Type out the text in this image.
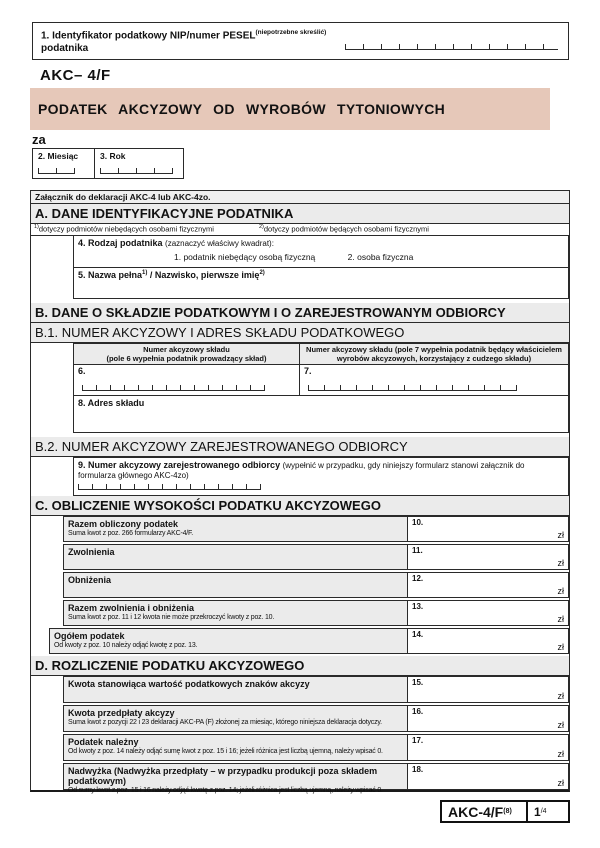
1. Identyfikator podatkowy NIP/numer $PESEL^{(niepotrzebne skreślić)}$ podatnika
AKC– 4/F
PODATEK AKCYZOWY OD WYROBÓW TYTONIOWYCH
za
2. Miesiąc	3. Rok
Załącznik do deklaracji AKC-4 lub AKC-4zo.
A. DANE IDENTYFIKACYJNE PODATNIKA
$^{1)}$dotyczy podmiotów niebędących osobami fizycznymi	$^{2)}$dotyczy podmiotów będących osobami fizycznymi
4. Rodzaj podatnika (zaznaczyć właściwy kwadrat):
1. podatnik niebędący osobą fizyczną	2. osoba fizyczna
5. Nazwa pełna$^{1)}$ / Nazwisko, pierwsze imię$^{2)}$
B. DANE O SKŁADZIE PODATKOWYM I O ZAREJESTROWANYM ODBIORCY
B.1. NUMER AKCYZOWY I ADRES SKŁADU PODATKOWEGO
Numer akcyzowy składu
(pole 6 wypełnia podatnik prowadzący skład)
Numer akcyzowy składu (pole 7 wypełnia podatnik będący właścicielem wyrobów akcyzowych, korzystający z cudzego składu)
6.	7.
8. Adres składu
B.2. NUMER AKCYZOWY ZAREJESTROWANEGO ODBIORCY
9. Numer akcyzowy zarejestrowanego odbiorcy (wypełnić w przypadku, gdy niniejszy formularz stanowi załącznik do formularza głównego AKC-4zo)
C. OBLICZENIE WYSOKOŚCI PODATKU AKCYZOWEGO
Razem obliczony podatek
Suma kwot z poz. 266 formularzy AKC-4/F.
10.
zł
Zwolnienia	11.
zł
Obniżenia	12.
zł
Razem zwolnienia i obniżenia
Suma kwot z poz. 11 i 12 kwota nie może przekroczyć kwoty z poz. 10.
13.
zł
Ogółem podatek
Od kwoty z poz. 10 należy odjąć kwotę z poz. 13.
14.
zł
D. ROZLICZENIE PODATKU AKCYZOWEGO
Kwota stanowiąca wartość podatkowych znaków akcyzy	15.
zł
Kwota przedpłaty akcyzy
Suma kwot z pozycji 22 i 23 deklaracji AKC-PA (F) złożonej za miesiąc, którego niniejsza deklaracja dotyczy.
16.
zł
Podatek należny
Od kwoty z poz. 14 należy odjąć sumę kwot z poz. 15 i 16; jeżeli różnica jest liczbą ujemną, należy wpisać 0.
17.
zł
Nadwyżka (Nadwyżka przedpłaty – w przypadku produkcji poza składem podatkowym)
Od sumy kwot z poz. 15 i 16 należy odjąć kwotę z poz. 14; jeżeli różnica jest liczbą ujemną, należy wpisać 0.
18.
zł
AKC-4/F (8) 1 /4
